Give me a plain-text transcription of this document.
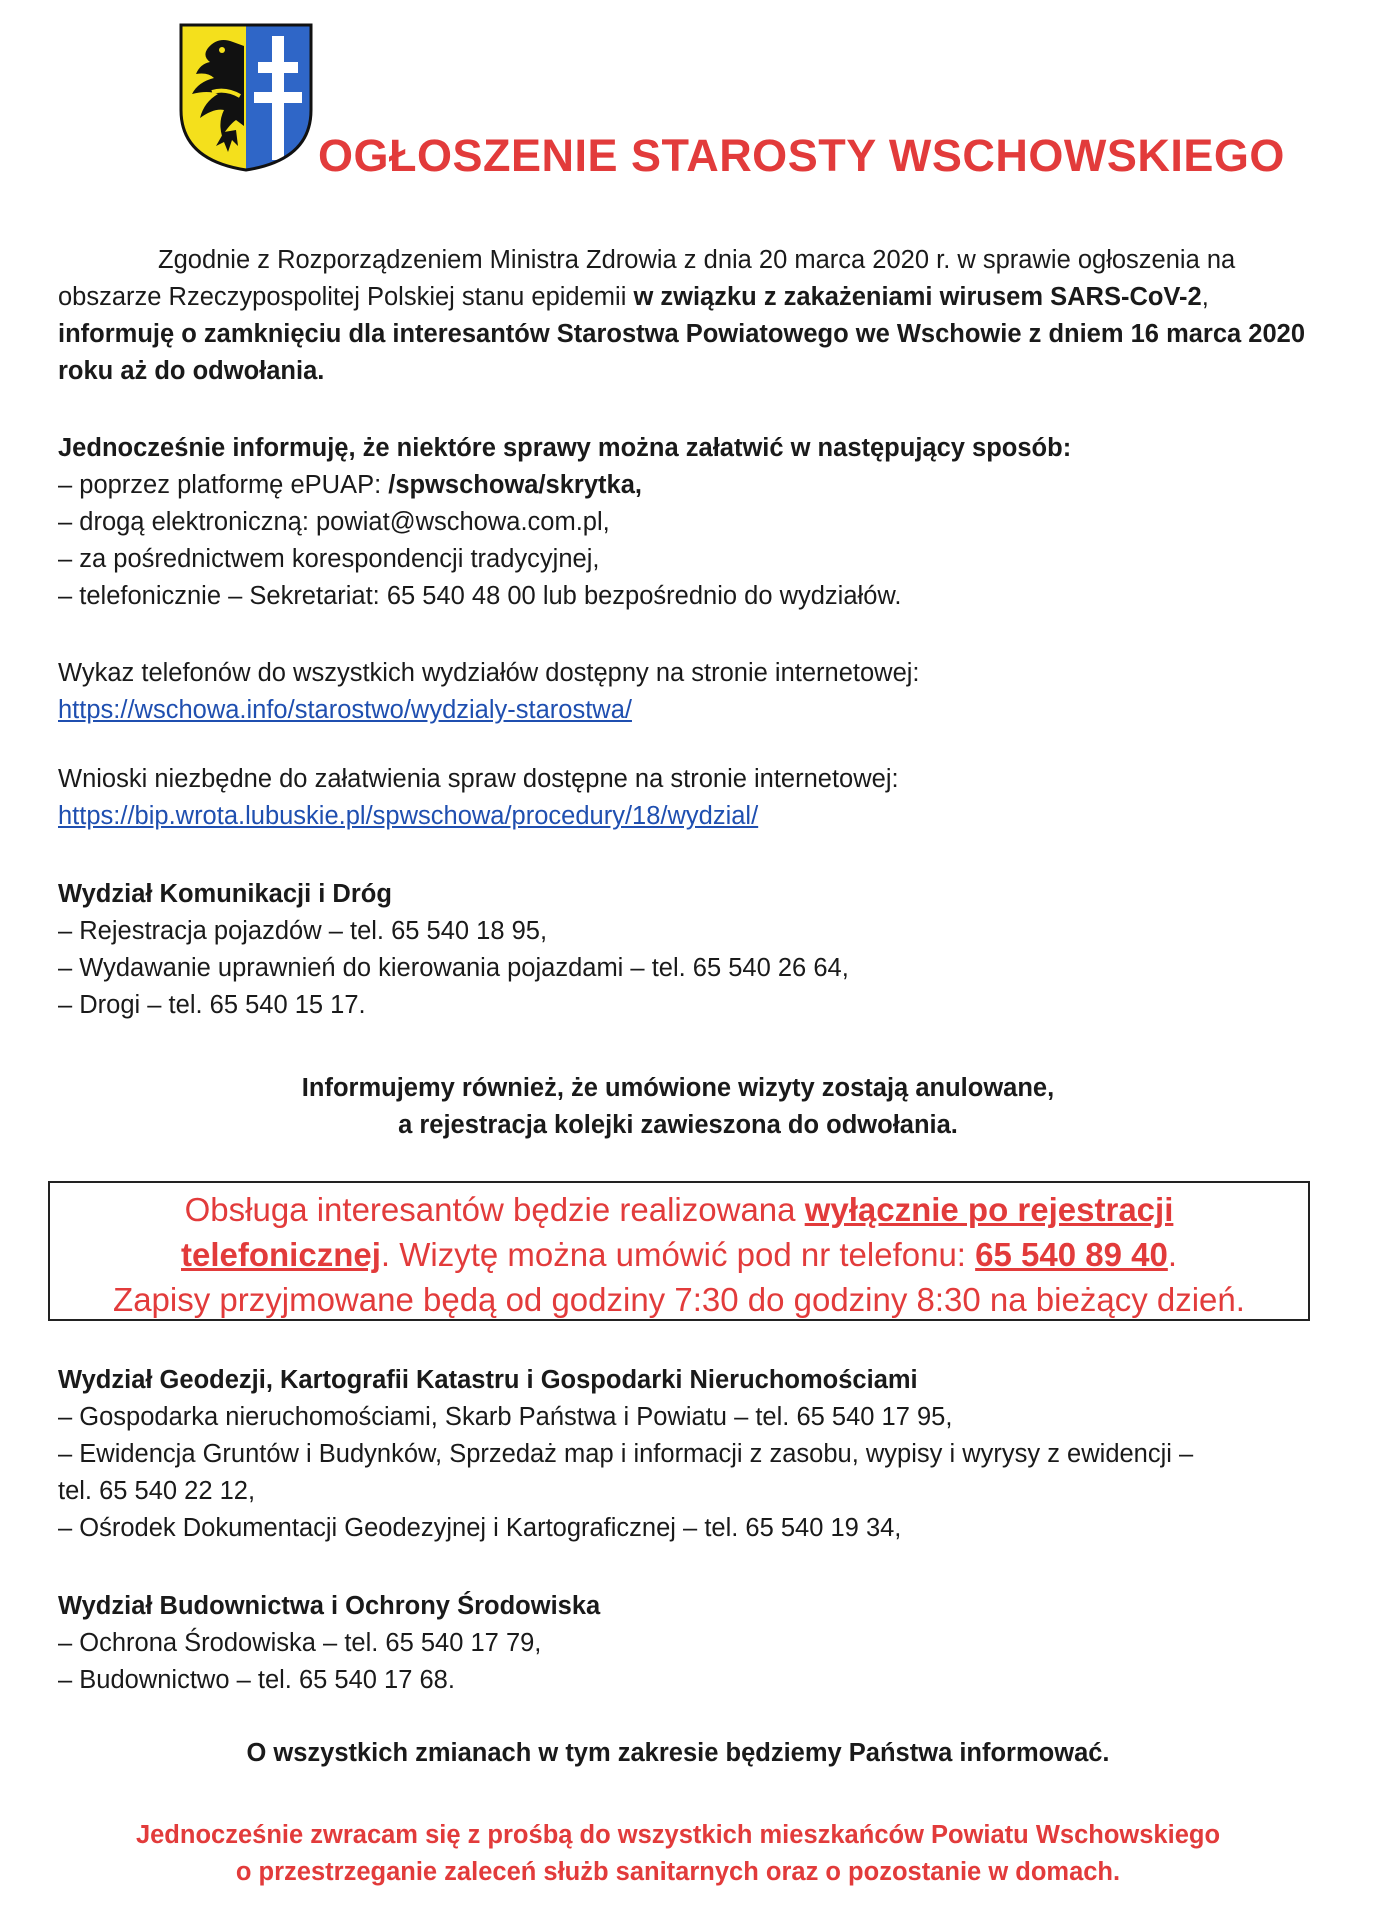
OGŁOSZENIE STAROSTY WSCHOWSKIEGO
Zgodnie z Rozporządzeniem Ministra Zdrowia z dnia 20 marca 2020 r. w sprawie ogłoszenia na
obszarze Rzeczypospolitej Polskiej stanu epidemii w związku z zakażeniami wirusem SARS-CoV-2,
informuję o zamknięciu dla interesantów Starostwa Powiatowego we Wschowie z dniem 16 marca 2020
roku aż do odwołania.
Jednocześnie informuję, że niektóre sprawy można załatwić w następujący sposób:
– poprzez platformę ePUAP: /spwschowa/skrytka,
– drogą elektroniczną: powiat@wschowa.com.pl,
– za pośrednictwem korespondencji tradycyjnej,
– telefonicznie – Sekretariat: 65 540 48 00 lub bezpośrednio do wydziałów.
Wykaz telefonów do wszystkich wydziałów dostępny na stronie internetowej:
https://wschowa.info/starostwo/wydzialy-starostwa/
Wnioski niezbędne do załatwienia spraw dostępne na stronie internetowej:
https://bip.wrota.lubuskie.pl/spwschowa/procedury/18/wydzial/
Wydział Komunikacji i Dróg
– Rejestracja pojazdów – tel. 65 540 18 95,
– Wydawanie uprawnień do kierowania pojazdami – tel. 65 540 26 64,
– Drogi – tel. 65 540 15 17.
Informujemy również, że umówione wizyty zostają anulowane,
a rejestracja kolejki zawieszona do odwołania.
Obsługa interesantów będzie realizowana wyłącznie po rejestracji
telefonicznej. Wizytę można umówić pod nr telefonu: 65 540 89 40.
Zapisy przyjmowane będą od godziny 7:30 do godziny 8:30 na bieżący dzień.
Wydział Geodezji, Kartografii Katastru i Gospodarki Nieruchomościami
– Gospodarka nieruchomościami, Skarb Państwa i Powiatu – tel. 65 540 17 95,
– Ewidencja Gruntów i Budynków, Sprzedaż map i informacji z zasobu, wypisy i wyrysy z ewidencji –
tel. 65 540 22 12,
– Ośrodek Dokumentacji Geodezyjnej i Kartograficznej – tel. 65 540 19 34,
Wydział Budownictwa i Ochrony Środowiska
– Ochrona Środowiska – tel. 65 540 17 79,
– Budownictwo – tel. 65 540 17 68.
O wszystkich zmianach w tym zakresie będziemy Państwa informować.
Jednocześnie zwracam się z prośbą do wszystkich mieszkańców Powiatu Wschowskiego
o przestrzeganie zaleceń służb sanitarnych oraz o pozostanie w domach.
